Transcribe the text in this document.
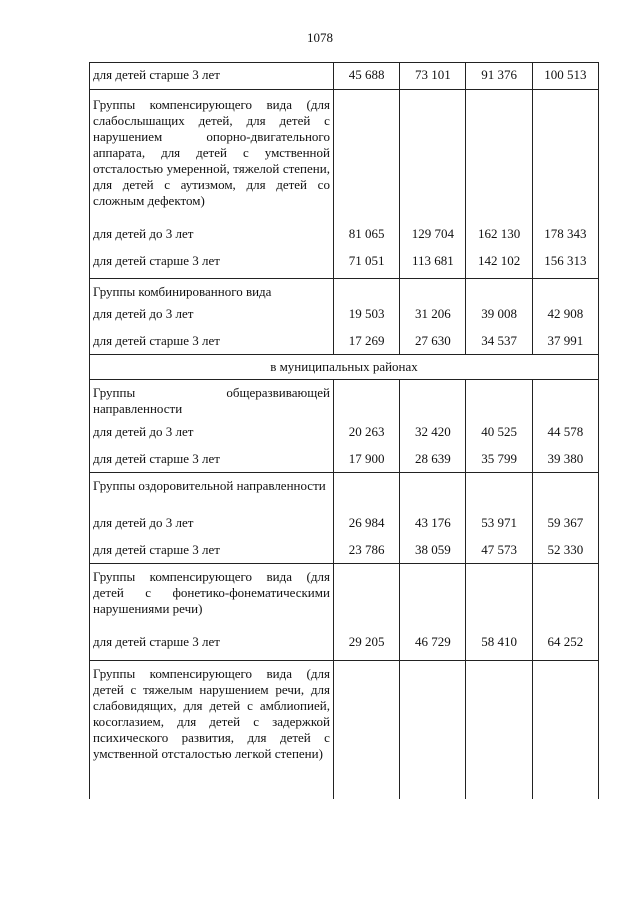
1078
для детей старше 3 лет	45 688	73 101	91 376	100 513
Группы компенсирующего вида (для слабослышащих детей, для детей с нарушением опорно-двигательного аппарата, для детей с умственной отсталостью умеренной, тяжелой степени, для детей с аутизмом, для детей со сложным дефектом)				
для детей до 3 лет	81 065	129 704	162 130	178 343
для детей старше 3 лет	71 051	113 681	142 102	156 313
Группы комбинированного вида				
для детей до 3 лет	19 503	31 206	39 008	42 908
для детей старше 3 лет	17 269	27 630	34 537	37 991
в муниципальных районах				
Группы общеразвивающей направленности				
для детей до 3 лет	20 263	32 420	40 525	44 578
для детей старше 3 лет	17 900	28 639	35 799	39 380
Группы оздоровительной направленности				
для детей до 3 лет	26 984	43 176	53 971	59 367
для детей старше 3 лет	23 786	38 059	47 573	52 330
Группы компенсирующего вида (для детей с фонетико-фонематическими нарушениями речи)				
для детей старше 3 лет	29 205	46 729	58 410	64 252
Группы компенсирующего вида (для детей с тяжелым нарушением речи, для слабовидящих, для детей с амблиопией, косоглазием, для детей с задержкой психического развития, для детей с умственной отсталостью легкой степени)				
